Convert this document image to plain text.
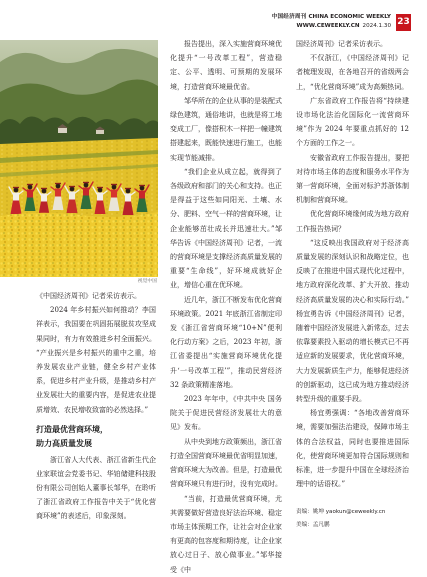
中国经济周刊 CHINA ECONOMIC WEEKLY
WWW.CEWEEKLY.CN 2024.1.30 23
视觉中国

《中国经济周刊》记者采访表示。

2024 年乡村振兴如何推动？李国祥表示，我国要在巩固拓展脱贫攻坚成果同时，有力有效推进乡村全面振兴。“产业振兴是乡村振兴的重中之重，培养发展农业产业链，健全乡村产业体系，促进乡村产业升级，是推动乡村产业发展壮大的重要内容，是促进农业提质增效、农民增收致富的必然选择。”

打造最优营商环境，
助力高质量发展

浙江省人大代表、浙江省新生代企业家联谊会党委书记、华铂储建科技股份有限公司创始人董事长邹华，在聆听了浙江省政府工作报告中关于“优化营商环境”的表述后，印象深刻。

报告提出，深入实施营商环境优化提升“一号改革工程”，营造稳定、公平、透明、可预期的发展环境，打造营商环境最优省。

邹华所在的企业从事的是装配式绿色建筑，通俗地讲，也就是将工地变成工厂，像搭积木一样把一幢建筑搭建起来，既能快速进行施工，也能实现节能减排。

“我们企业从成立起，就得到了各级政府和部门的关心和支持。也正是得益于这些如同阳光、土壤、水分、肥料、空气一样的营商环境，让企业能够茁壮成长并迅速壮大。”邹华告诉《中国经济周刊》记者，一流的营商环境是支撑经济高质量发展的重要“生命线”，好环境成就好企业，增信心重在优环境。

近几年，浙江不断发布优化营商环境政策。2021 年底浙江省制定印发《浙江省营商环境“10+N”便利化行动方案》之后，2023 年初，浙江省委提出“实施营商环境优化提升‘一号改革工程’”，推动民营经济 32 条政策精准落地。

2023 年年中，《中共中央 国务院关于促进民营经济发展壮大的意见》发布。

从中央到地方政策频出，浙江省打造全国营商环境最优省明显加速，营商环境大为改善。但是，打造最优营商环境只有进行时，没有完成时。

“当前，打造最优营商环境，尤其需要做好营造良好法治环境、稳定市场主体预期工作，让社会对企业家有更高的包容度和期待度，让企业家放心过日子、放心做事业。”邹华接受《中

国经济周刊》记者采访表示。

不仅浙江，《中国经济周刊》记者梳理发现，在各地召开的省级两会上，“优化营商环境”成为高频热词。

广东省政府工作报告将“持续建设市场化法治化国际化一流营商环境”作为 2024 年要重点抓好的 12 个方面的工作之一。

安徽省政府工作报告提出，要把对待市场主体的态度和服务水平作为第一营商环境，全面对标沪苏浙体制机制和营商环境。

优化营商环境缘何成为地方政府工作报告热词？

“这反映出我国政府对于经济高质量发展的深刻认识和战略定位，也反映了在推进中国式现代化过程中，地方政府深化改革、扩大开放、推动经济高质量发展的决心和实际行动。”杨宜勇告诉《中国经济周刊》记者，随着中国经济发展进入新常态，过去依靠要素投入驱动的增长模式已不再适应新的发展要求，优化营商环境，大力发展新质生产力，能够促进经济的创新驱动，这已成为地方推动经济转型升级的重要手段。

杨宜勇强调：“各地改善营商环境，需要加强法治建设，保障市场主体的合法权益，同时也要推进国际化，使营商环境更加符合国际规则和标准，进一步提升中国在全球经济治理中的话语权。”

责编：姚坤 yaokun@ceweekly.cn
美编：孟凡鹏
